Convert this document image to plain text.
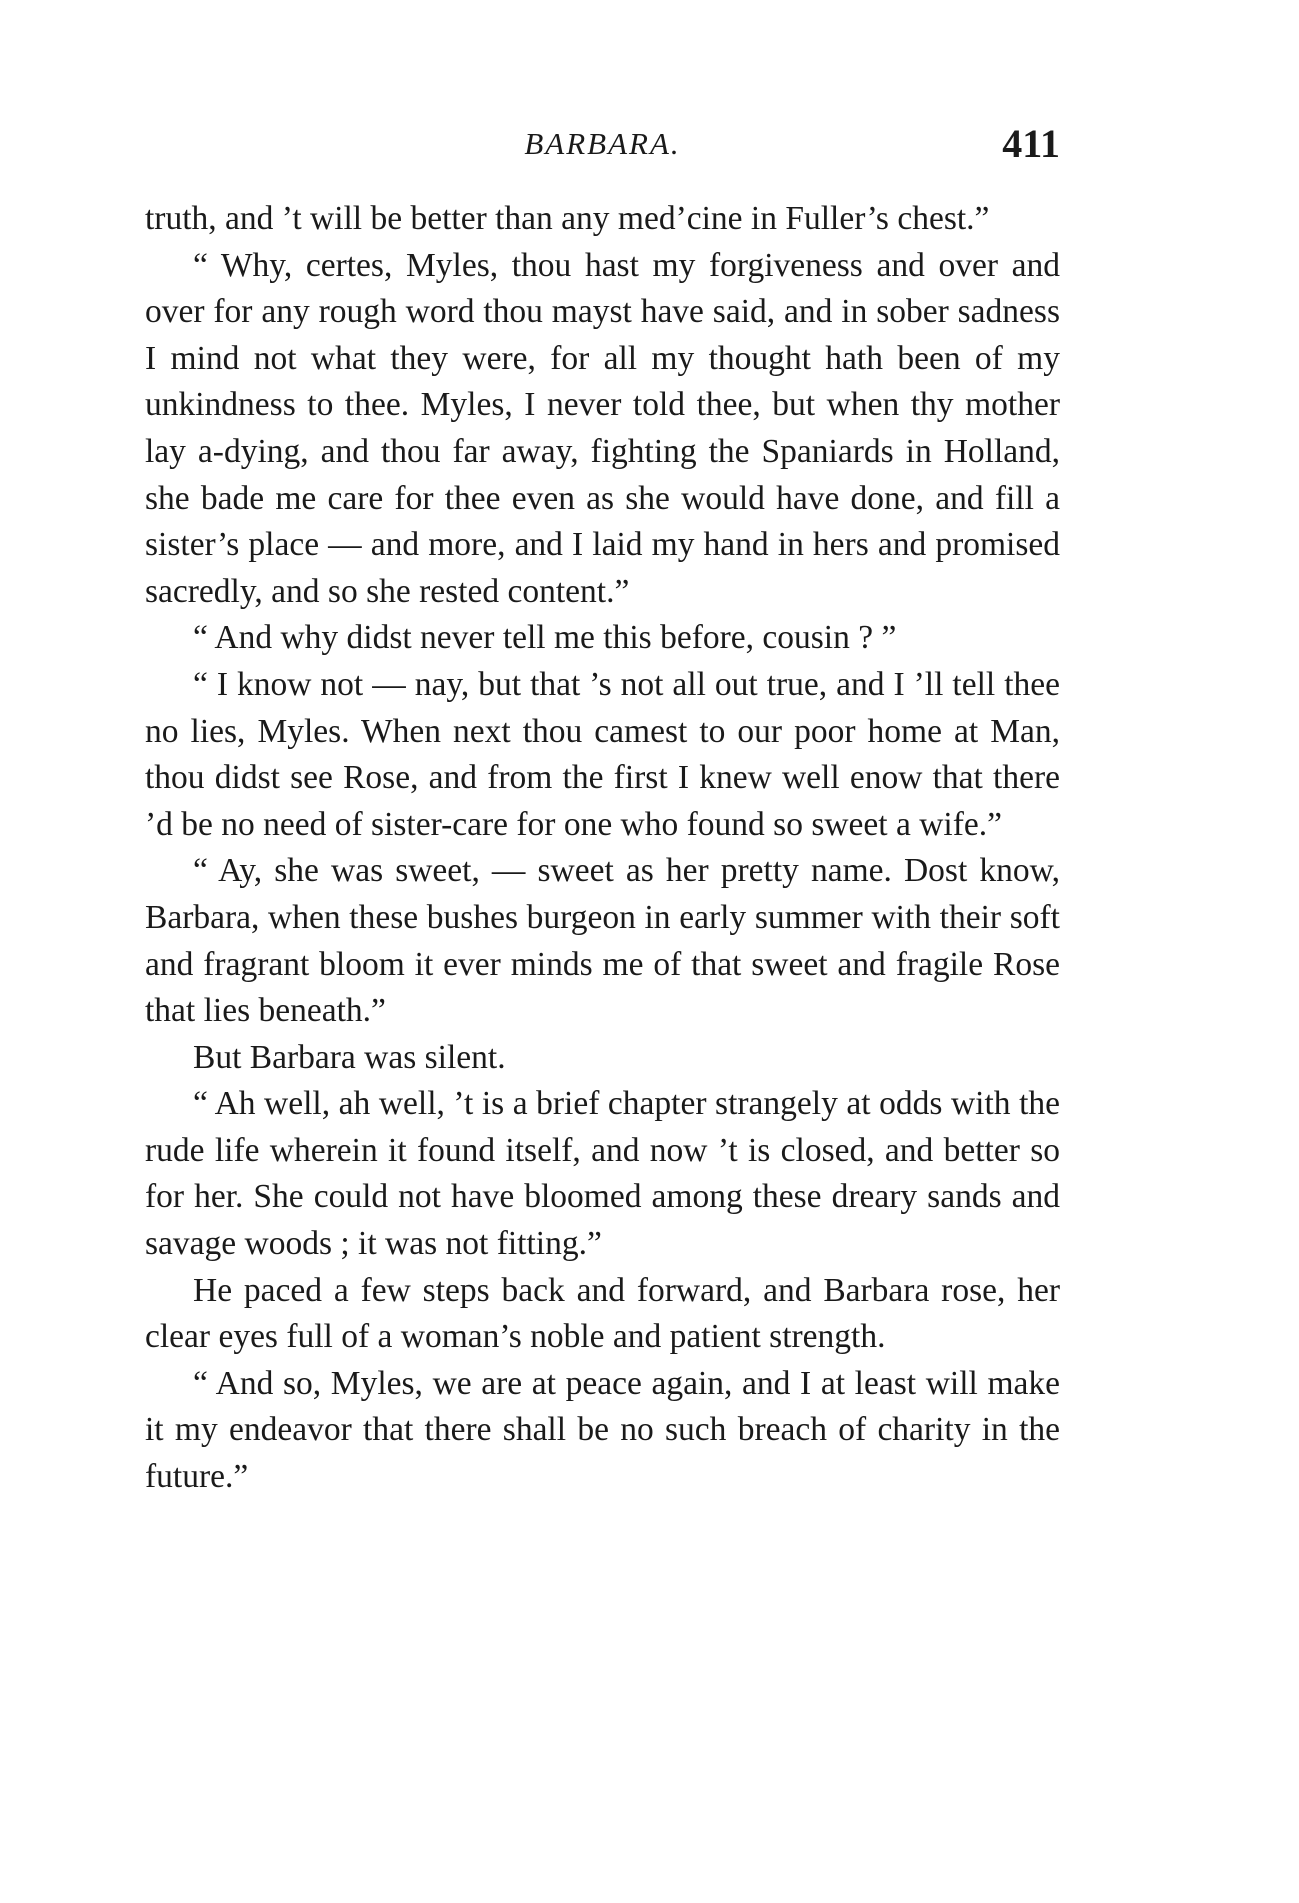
BARBARA.	411

truth, and ’t will be better than any med’cine in Fuller’s chest.”

“ Why, certes, Myles, thou hast my forgiveness and over and over for any rough word thou mayst have said, and in sober sadness I mind not what they were, for all my thought hath been of my unkindness to thee. Myles, I never told thee, but when thy mother lay a-dying, and thou far away, fighting the Spaniards in Holland, she bade me care for thee even as she would have done, and fill a sister’s place — and more, and I laid my hand in hers and promised sacredly, and so she rested content.”

“ And why didst never tell me this before, cousin ? ”

“ I know not — nay, but that ’s not all out true, and I ’ll tell thee no lies, Myles. When next thou camest to our poor home at Man, thou didst see Rose, and from the first I knew well enow that there ’d be no need of sister-care for one who found so sweet a wife.”

“ Ay, she was sweet, — sweet as her pretty name. Dost know, Barbara, when these bushes burgeon in early summer with their soft and fragrant bloom it ever minds me of that sweet and fragile Rose that lies beneath.”

But Barbara was silent.

“ Ah well, ah well, ’t is a brief chapter strangely at odds with the rude life wherein it found itself, and now ’t is closed, and better so for her. She could not have bloomed among these dreary sands and savage woods ; it was not fitting.”

He paced a few steps back and forward, and Barbara rose, her clear eyes full of a woman’s noble and patient strength.

“ And so, Myles, we are at peace again, and I at least will make it my endeavor that there shall be no such breach of charity in the future.”
